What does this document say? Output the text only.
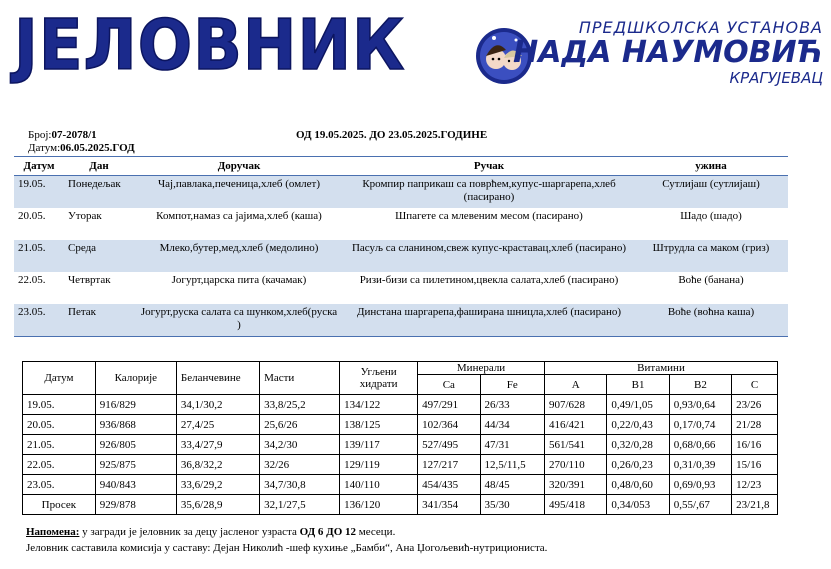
ЈЕЛОВНИК	ПРЕДШКОЛСКА УСТАНОВА
НАДА НАУМОВИЋ
КРАГУЈЕВАЦ
Број:07-2078/1	ОД 19.05.2025. ДО 23.05.2025.ГОДИНЕ
Датум:06.05.2025.ГОД
Датум	Дан	Доручак	Ручак	ужина
19.05.	Понедељак	Чај,павлака,печеница,хлеб (омлет)	Кромпир паприкаш са поврћем,купус-шаргарепа,хлеб (пасирано)	Сутлијаш (сутлијаш)
20.05.	Уторак	Компот,намаз са јајима,хлеб (каша)	Шпагете са млевеним месом (пасирано)	Шадо (шадо)
21.05.	Среда	Млеко,бутер,мед,хлеб (медолино)	Пасуљ са сланином,свеж купус-краставац,хлеб (пасирано)	Штрудла са маком (гриз)
22.05.	Четвртак	Јогурт,царска пита (качамак)	Ризи-бизи са пилетином,цвекла салата,хлеб (пасирано)	Воће (банана)
23.05.	Петак	Јогурт,руска салата са шунком,хлеб(руска )	Динстана шаргарепа,фаширана шницла,хлеб (пасирано)	Воће (воћна каша)
Датум	Калорије	Беланчевине	Масти	Угљени хидрати	Минерали		Витамини			
					Ca	Fe	A	B1	B2	C
19.05.	916/829	34,1/30,2	33,8/25,2	134/122	497/291	26/33	907/628	0,49/1,05	0,93/0,64	23/26
20.05.	936/868	27,4/25	25,6/26	138/125	102/364	44/34	416/421	0,22/0,43	0,17/0,74	21/28
21.05.	926/805	33,4/27,9	34,2/30	139/117	527/495	47/31	561/541	0,32/0,28	0,68/0,66	16/16
22.05.	925/875	36,8/32,2	32/26	129/119	127/217	12,5/11,5	270/110	0,26/0,23	0,31/0,39	15/16
23.05.	940/843	33,6/29,2	34,7/30,8	140/110	454/435	48/45	320/391	0,48/0,60	0,69/0,93	12/23
Просек	929/878	35,6/28,9	32,1/27,5	136/120	341/354	35/30	495/418	0,34/053	0,55/,67	23/21,8
Напомена: у загради је јеловник за децу јасленог узраста ОД 6 ДО 12 месеци.
Јеловник саставила комисија у саставу: Дејан Николић -шеф кухиње „Бамби“, Ана Џогољевић-нутриционистa.
